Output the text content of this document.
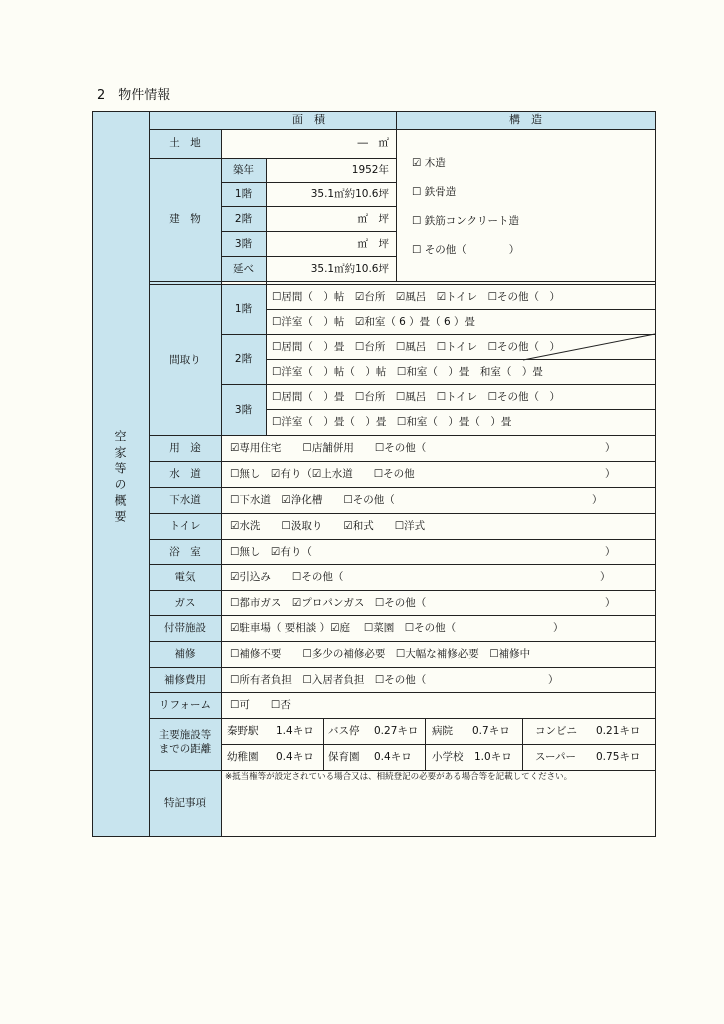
2　物件情報
面　積	構　造
空家等の概要
土　地	―　㎡
建　物
築年	1952年
1階	35.1㎡約10.6坪
2階	㎡　坪
3階	㎡　坪
延べ	35.1㎡約10.6坪
☑ 木造
☐ 鉄骨造
☐ 鉄筋コンクリート造
☐ その他（　　　　）
間取り
1階
☐居間（　）帖　☑台所　☑風呂　☑トイレ　☐その他（　）
☐洋室（　）帖　☑和室（ 6 ）畳（ 6 ）畳
2階
☐居間（　）畳　☐台所　☐風呂　☐トイレ　☐その他（　）
☐洋室（　）帖（　）帖　☐和室（　）畳　和室（　）畳
3階
☐居間（　）畳　☐台所　☐風呂　☐トイレ　☐その他（　）
☐洋室（　）畳（　）畳　☐和室（　）畳（　）畳
用　途	☑専用住宅　　☐店舗併用　　☐その他（	）
水　道	☐無し　☑有り（☑上水道　　☐その他	）
下水道	☐下水道　☑浄化槽　　☐その他（	）
トイレ	☑水洗　　☐汲取り　　☑和式　　☐洋式
浴　室	☐無し　☑有り（	）
電気	☑引込み　　☐その他（	）
ガス	☐都市ガス　☑プロパンガス　☐その他（	）
付帯施設	☑駐車場（ 要相談 ）☑庭　 ☐菜園　☐その他（	）
補修	☐補修不要　　☐多少の補修必要　☐大幅な補修必要　☐補修中
補修費用	☐所有者負担　☐入居者負担　☐その他（	）
リフォーム	☐可　　☐否
主要施設等
までの距離
秦野駅 1.4キロ バス停 0.27キロ 病院 0.7キロ コンビニ 0.21キロ
幼稚園 0.4キロ 保育園 0.4キロ 小学校 1.0キロ スーパー 0.75キロ
特記事項
※抵当権等が設定されている場合又は、相続登記の必要がある場合等を記載してください。
